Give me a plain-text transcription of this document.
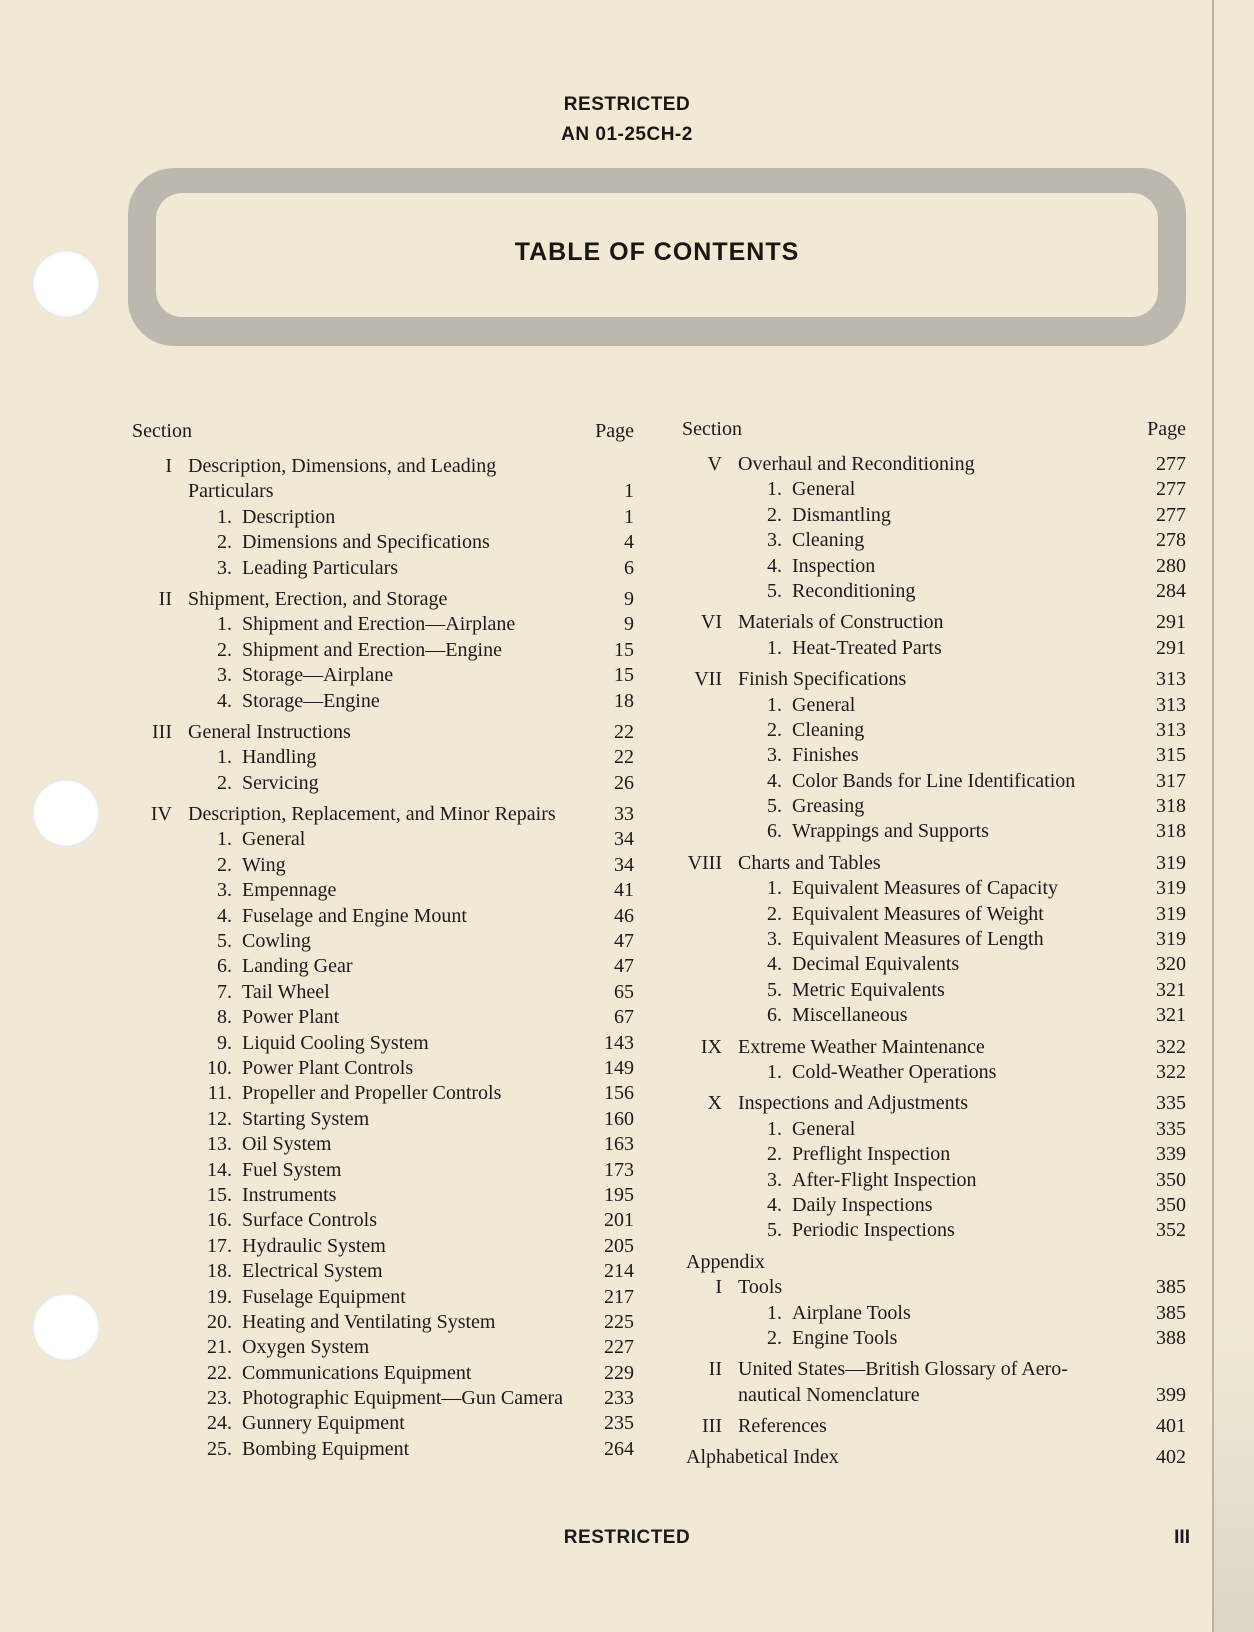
RESTRICTED
AN 01-25CH-2
TABLE OF CONTENTS
Section	Page
I Description, Dimensions, and Leading
Particulars	1
1. Description	1
2. Dimensions and Specifications	4
3. Leading Particulars	6
II Shipment, Erection, and Storage	9
1. Shipment and Erection—Airplane	9
2. Shipment and Erection—Engine	15
3. Storage—Airplane	15
4. Storage—Engine	18
III General Instructions	22
1. Handling	22
2. Servicing	26
IV Description, Replacement, and Minor Repairs	33
1. General	34
2. Wing	34
3. Empennage	41
4. Fuselage and Engine Mount	46
5. Cowling	47
6. Landing Gear	47
7. Tail Wheel	65
8. Power Plant	67
9. Liquid Cooling System	143
10. Power Plant Controls	149
11. Propeller and Propeller Controls	156
12. Starting System	160
13. Oil System	163
14. Fuel System	173
15. Instruments	195
16. Surface Controls	201
17. Hydraulic System	205
18. Electrical System	214
19. Fuselage Equipment	217
20. Heating and Ventilating System	225
21. Oxygen System	227
22. Communications Equipment	229
23. Photographic Equipment—Gun Camera 233
24. Gunnery Equipment	235
25. Bombing Equipment	264
Section	Page
V Overhaul and Reconditioning	277
1. General	277
2. Dismantling	277
3. Cleaning	278
4. Inspection	280
5. Reconditioning	284
VI Materials of Construction	291
1. Heat-Treated Parts	291
VII Finish Specifications	313
1. General	313
2. Cleaning	313
3. Finishes	315
4. Color Bands for Line Identification	317
5. Greasing	318
6. Wrappings and Supports	318
VIII Charts and Tables	319
1. Equivalent Measures of Capacity	319
2. Equivalent Measures of Weight	319
3. Equivalent Measures of Length	319
4. Decimal Equivalents	320
5. Metric Equivalents	321
6. Miscellaneous	321
IX Extreme Weather Maintenance	322
1. Cold-Weather Operations	322
X Inspections and Adjustments	335
1. General	335
2. Preflight Inspection	339
3. After-Flight Inspection	350
4. Daily Inspections	350
5. Periodic Inspections	352
Appendix
I Tools	385
1. Airplane Tools	385
2. Engine Tools	388
II United States—British Glossary of Aero-
nautical Nomenclature	399
III References	401
Alphabetical Index	402
RESTRICTED	III
